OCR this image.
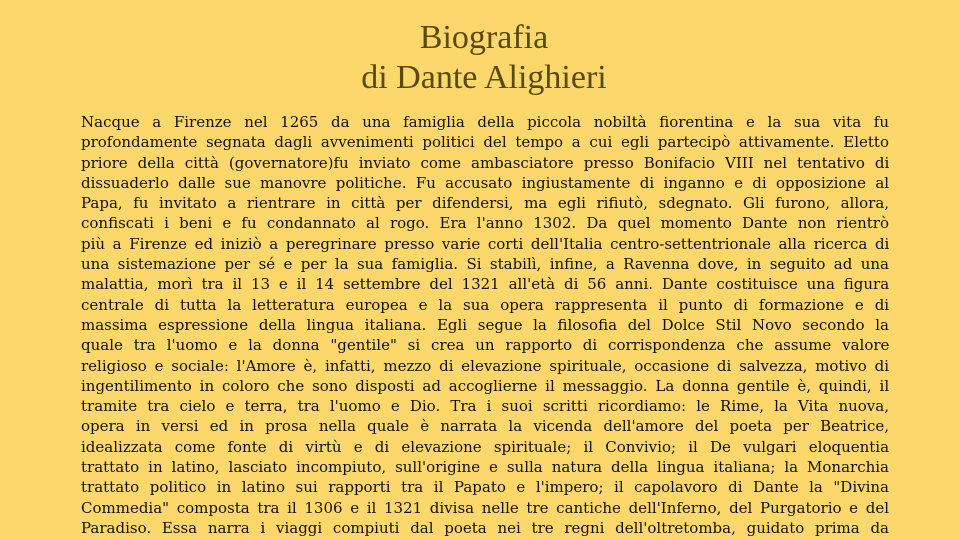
Biografia
di Dante Alighieri
Nacque a Firenze nel 1265 da una famiglia della piccola nobiltà fiorentina e la sua vita fu
profondamente segnata dagli avvenimenti politici del tempo a cui egli partecipò attivamente. Eletto
priore della città (governatore)fu inviato come ambasciatore presso Bonifacio VIII nel tentativo di
dissuaderlo dalle sue manovre politiche. Fu accusato ingiustamente di inganno e di opposizione al
Papa, fu invitato a rientrare in città per difendersi, ma egli rifiutò, sdegnato. Gli furono, allora,
confiscati i beni e fu condannato al rogo. Era l'anno 1302. Da quel momento Dante non rientrò
più a Firenze ed iniziò a peregrinare presso varie corti dell'Italia centro-settentrionale alla ricerca di
una sistemazione per sé e per la sua famiglia. Si stabilì, infine, a Ravenna dove, in seguito ad una
malattia, morì tra il 13 e il 14 settembre del 1321 all'età di 56 anni. Dante costituisce una figura
centrale di tutta la letteratura europea e la sua opera rappresenta il punto di formazione e di
massima espressione della lingua italiana. Egli segue la filosofia del Dolce Stil Novo secondo la
quale tra l'uomo e la donna "gentile" si crea un rapporto di corrispondenza che assume valore
religioso e sociale: l'Amore è, infatti, mezzo di elevazione spirituale, occasione di salvezza, motivo di
ingentilimento in coloro che sono disposti ad accoglierne il messaggio. La donna gentile è, quindi, il
tramite tra cielo e terra, tra l'uomo e Dio. Tra i suoi scritti ricordiamo: le Rime, la Vita nuova,
opera in versi ed in prosa nella quale è narrata la vicenda dell'amore del poeta per Beatrice,
idealizzata come fonte di virtù e di elevazione spirituale; il Convivio; il De vulgari eloquentia
trattato in latino, lasciato incompiuto, sull'origine e sulla natura della lingua italiana; la Monarchia
trattato politico in latino sui rapporti tra il Papato e l'impero; il capolavoro di Dante la "Divina
Commedia" composta tra il 1306 e il 1321 divisa nelle tre cantiche dell'Inferno, del Purgatorio e del
Paradiso. Essa narra i viaggi compiuti dal poeta nei tre regni dell'oltretomba, guidato prima da
